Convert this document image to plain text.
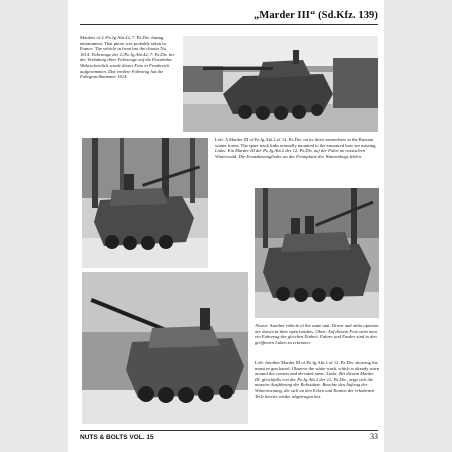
„Marder III“ (Sd.Kfz. 139)
Marders of 2./Pz.Jg.Abt.42, 7. Pz.Div. during entrainment. That photo was probably taken in France. The vehicle in front has the chassis No. 1614. Fahrzeuge der 2./Pz.Jg.Abt.42, 7. Pz.Div. bei der Verladung ihrer Fahrzeuge auf die Eisenbahn. Wahrscheinlich wurde dieses Foto in Frankreich aufgenommen. Das vordere Fahrzeug hat die Fahrgestellnummer 1614.
Left: A Marder III of Pz.Jg.Abt.2 of 12. Pz.Div. on its drive somewhere in the Russian winter forest. The spare track links normally mounted to the armoured bow are missing. Links: Ein Marder III der Pz.Jg.Abt.2 der 12. Pz.Div. auf der Fahrt an russischen Winterwald. Die Ersatzkettenglieder an der Frontplatte des Wannenbugs fehlen.
Above: Another vehicle of the same unit. Driver and radio operator are shown in their open hatches. Oben: Auf diesem Foto sieht man ein Fahrzeug der gleichen Einheit. Fahrer und Funker sind in den geöffneten Luken zu erkennen.
Left: Another Marder III of Pz.Jg.Abt.2 of 12. Pz.Div. showing the massive gun barrel. Observe the white wash, which is already worn around the corners and elevated areas. Links: Bei diesem Marder III, gleichfalls von der Pz.Jg.Abt.2 der 12. Pz.Div., zeigt sich die massive Ausführung der Rohrstütze. Beachte den Auftrag der Wintertarnung, die sich an den Ecken und Kanten der erhabenen Teile bereits wieder abgetragen hat.
NUTS & BOLTS VOL. 15	33
